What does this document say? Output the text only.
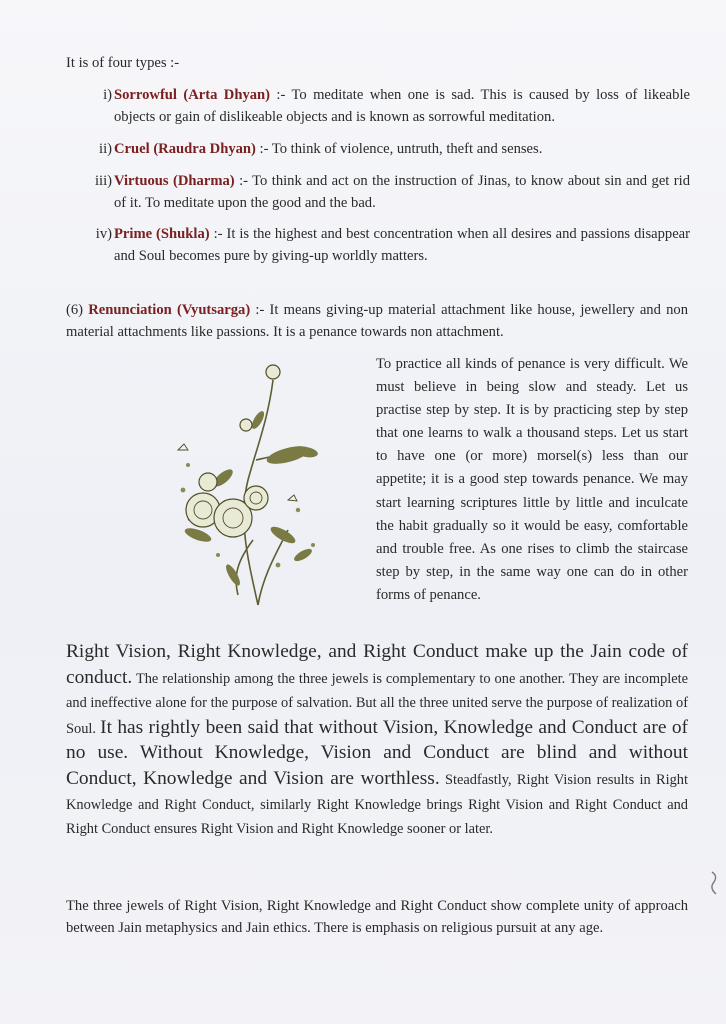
It is of four types :-
i) Sorrowful (Arta Dhyan) :- To meditate when one is sad. This is caused by loss of likeable objects or gain of dislikeable objects and is known as sorrowful meditation.
ii) Cruel (Raudra Dhyan) :- To think of violence, untruth, theft and senses.
iii) Virtuous (Dharma) :- To think and act on the instruction of Jinas, to know about sin and get rid of it. To meditate upon the good and the bad.
iv) Prime (Shukla) :- It is the highest and best concentration when all desires and passions disappear and Soul becomes pure by giving-up worldly matters.
(6) Renunciation (Vyutsarga) :- It means giving-up material attachment like house, jewellery and non material attachments like passions. It is a penance towards non attachment.
To practice all kinds of penance is very difficult. We must believe in being slow and steady. Let us practise step by step. It is by practicing step by step that one learns to walk a thousand steps. Let us start to have one (or more) morsel(s) less than our appetite; it is a good step towards penance. We may start learning scriptures little by little and inculcate the habit gradually so it would be easy, comfortable and trouble free. As one rises to climb the staircase step by step, in the same way one can do in other forms of penance.
Right Vision, Right Knowledge, and Right Conduct make up the Jain code of conduct. The relationship among the three jewels is complementary to one another. They are incomplete and ineffective alone for the purpose of salvation. But all the three united serve the purpose of realization of Soul. It has rightly been said that without Vision, Knowledge and Conduct are of no use. Without Knowledge, Vision and Conduct are blind and without Conduct, Knowledge and Vision are worthless. Steadfastly, Right Vision results in Right Knowledge and Right Conduct, similarly Right Knowledge brings Right Vision and Right Conduct and Right Conduct ensures Right Vision and Right Knowledge sooner or later.
The three jewels of Right Vision, Right Knowledge and Right Conduct show complete unity of approach between Jain metaphysics and Jain ethics. There is emphasis on religious pursuit at any age.
